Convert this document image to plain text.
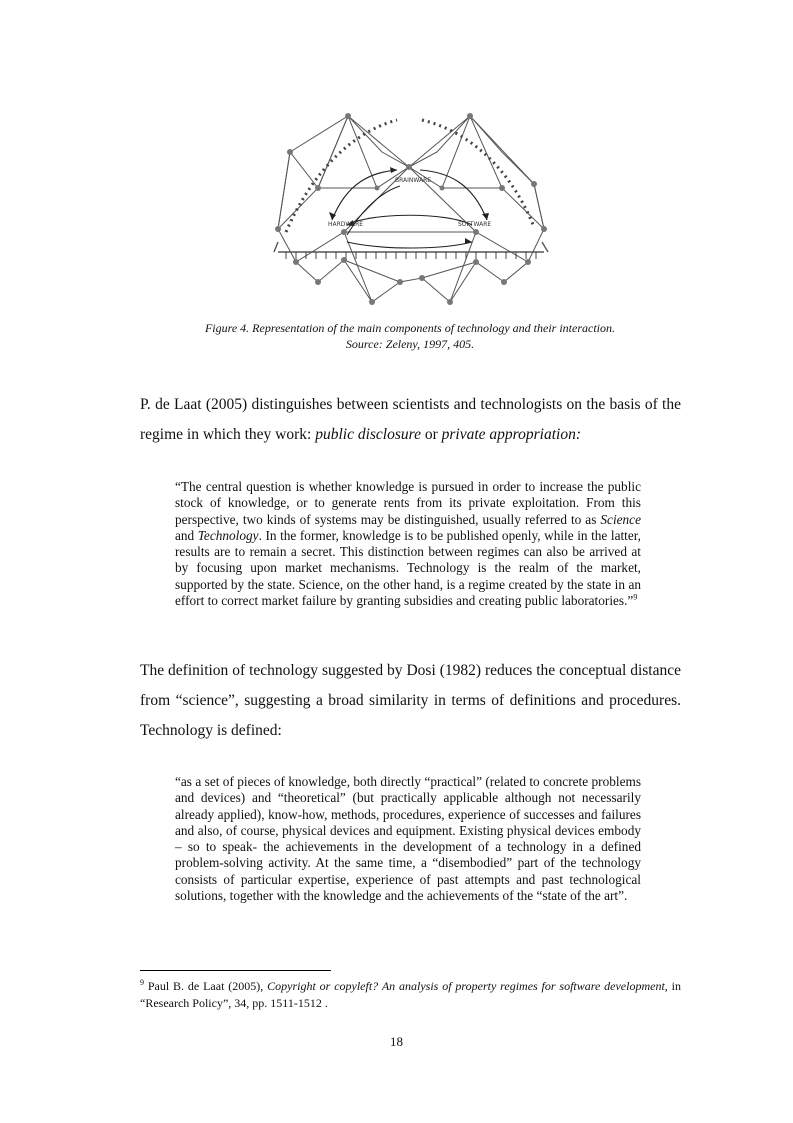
BRAINWARE
HARDWARE	SOFTWARE
Figure 4. Representation of the main components of technology and their interaction.
Source: Zeleny, 1997, 405.
P. de Laat (2005) distinguishes between scientists and technologists on the basis of the regime in which they work: public disclosure or private appropriation:
“The central question is whether knowledge is pursued in order to increase the public stock of knowledge, or to generate rents from its private exploitation. From this perspective, two kinds of systems may be distinguished, usually referred to as Science and Technology. In the former, knowledge is to be published openly, while in the latter, results are to remain a secret. This distinction between regimes can also be arrived at by focusing upon market mechanisms. Technology is the realm of the market, supported by the state. Science, on the other hand, is a regime created by the state in an effort to correct market failure by granting subsidies and creating public laboratories.”$^9$
The definition of technology suggested by Dosi (1982) reduces the conceptual distance from “science”, suggesting a broad similarity in terms of definitions and procedures. Technology is defined:
“as a set of pieces of knowledge, both directly “practical” (related to concrete problems and devices) and “theoretical” (but practically applicable although not necessarily already applied), know-how, methods, procedures, experience of successes and failures and also, of course, physical devices and equipment. Existing physical devices embody – so to speak- the achievements in the development of a technology in a defined problem-solving activity. At the same time, a “disembodied” part of the technology consists of particular expertise, experience of past attempts and past technological solutions, together with the knowledge and the achievements of the “state of the art”.
$^9$ Paul B. de Laat (2005), Copyright or copyleft? An analysis of property regimes for software development, in “Research Policy”, 34, pp. 1511-1512 .
18
